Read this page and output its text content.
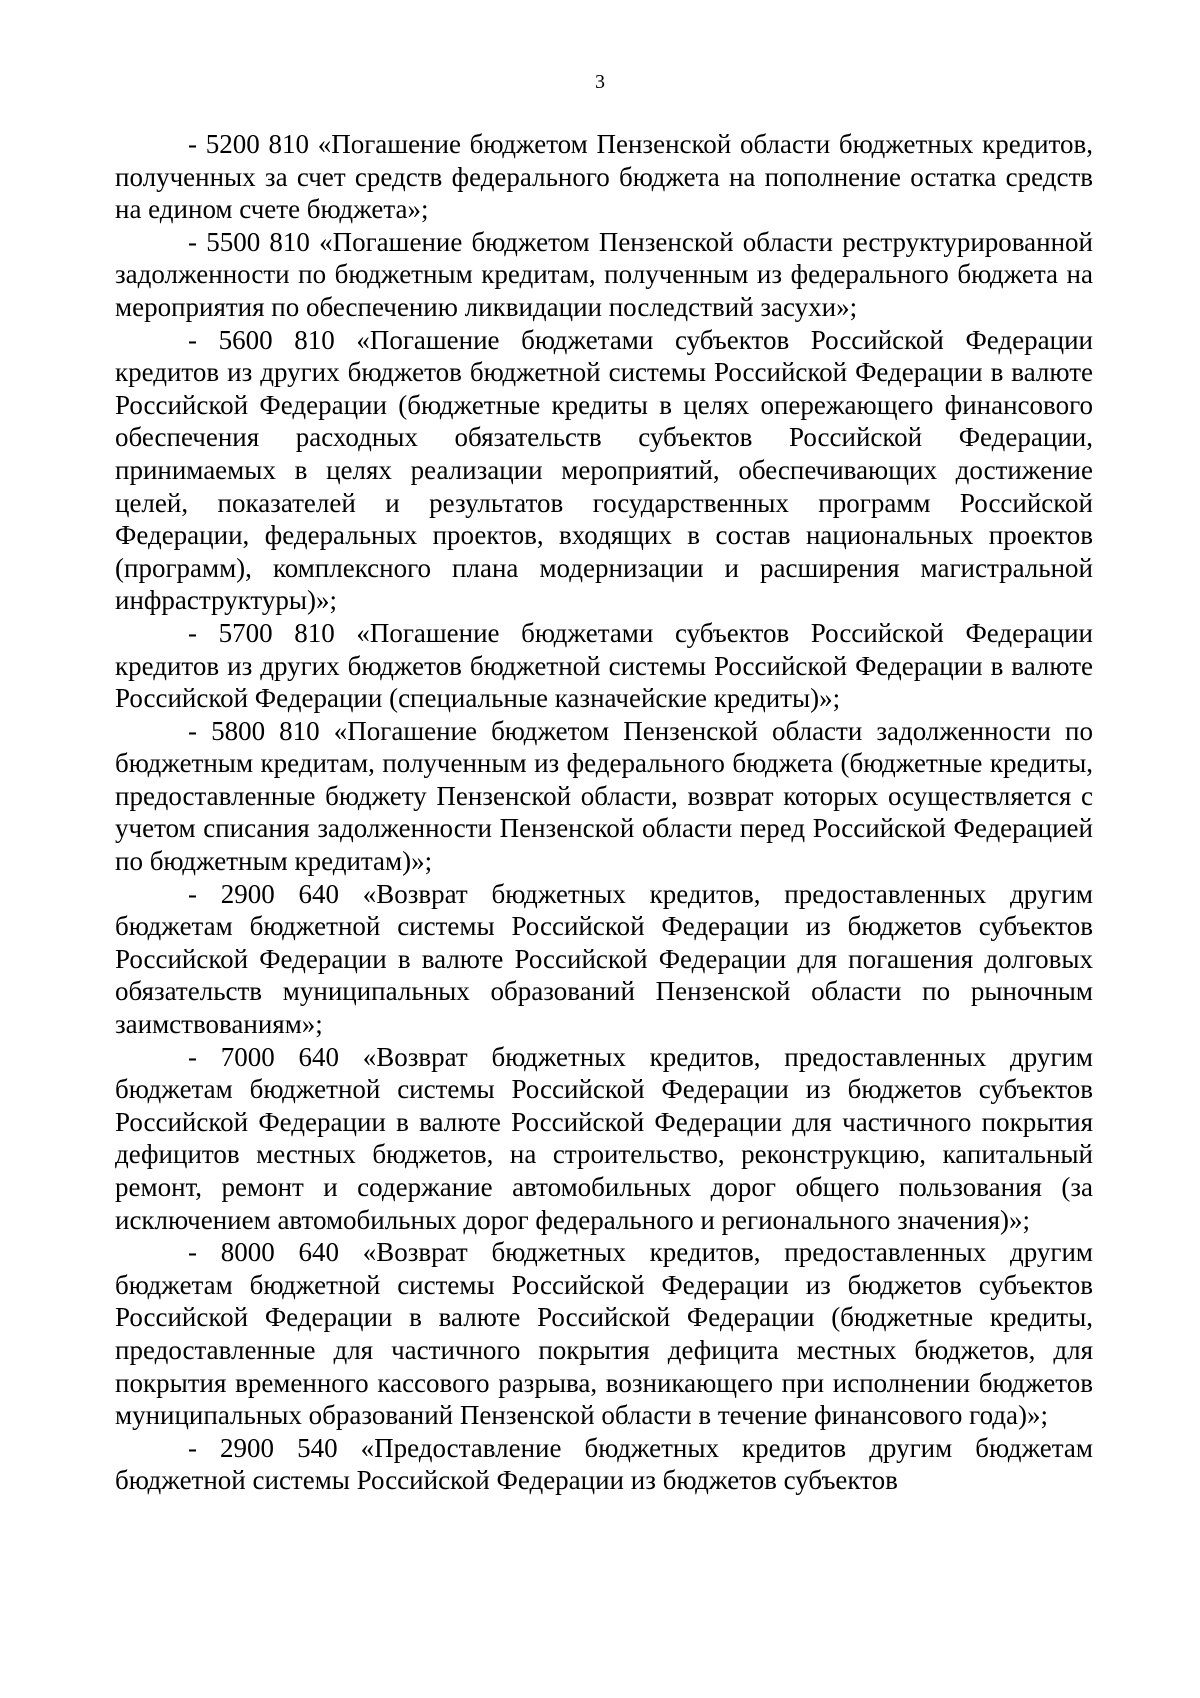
3

- 5200 810 «Погашение бюджетом Пензенской области бюджетных кредитов, полученных за счет средств федерального бюджета на пополнение остатка средств на едином счете бюджета»;

- 5500 810 «Погашение бюджетом Пензенской области реструктурированной задолженности по бюджетным кредитам, полученным из федерального бюджета на мероприятия по обеспечению ликвидации последствий засухи»;

- 5600 810 «Погашение бюджетами субъектов Российской Федерации кредитов из других бюджетов бюджетной системы Российской Федерации в валюте Российской Федерации (бюджетные кредиты в целях опережающего финансового обеспечения расходных обязательств субъектов Российской Федерации, принимаемых в целях реализации мероприятий, обеспечивающих достижение целей, показателей и результатов государственных программ Российской Федерации, федеральных проектов, входящих в состав национальных проектов (программ), комплексного плана модернизации и расширения магистральной инфраструктуры)»;

- 5700 810 «Погашение бюджетами субъектов Российской Федерации кредитов из других бюджетов бюджетной системы Российской Федерации в валюте Российской Федерации (специальные казначейские кредиты)»;

- 5800 810 «Погашение бюджетом Пензенской области задолженности по бюджетным кредитам, полученным из федерального бюджета (бюджетные кредиты, предоставленные бюджету Пензенской области, возврат которых осуществляется с учетом списания задолженности Пензенской области перед Российской Федерацией по бюджетным кредитам)»;

- 2900 640 «Возврат бюджетных кредитов, предоставленных другим бюджетам бюджетной системы Российской Федерации из бюджетов субъектов Российской Федерации в валюте Российской Федерации для погашения долговых обязательств муниципальных образований Пензенской области по рыночным заимствованиям»;

- 7000 640 «Возврат бюджетных кредитов, предоставленных другим бюджетам бюджетной системы Российской Федерации из бюджетов субъектов Российской Федерации в валюте Российской Федерации для частичного покрытия дефицитов местных бюджетов, на строительство, реконструкцию, капитальный ремонт, ремонт и содержание автомобильных дорог общего пользования (за исключением автомобильных дорог федерального и регионального значения)»;

- 8000 640 «Возврат бюджетных кредитов, предоставленных другим бюджетам бюджетной системы Российской Федерации из бюджетов субъектов Российской Федерации в валюте Российской Федерации (бюджетные кредиты, предоставленные для частичного покрытия дефицита местных бюджетов, для покрытия временного кассового разрыва, возникающего при исполнении бюджетов муниципальных образований Пензенской области в течение финансового года)»;

- 2900 540 «Предоставление бюджетных кредитов другим бюджетам бюджетной системы Российской Федерации из бюджетов субъектов
